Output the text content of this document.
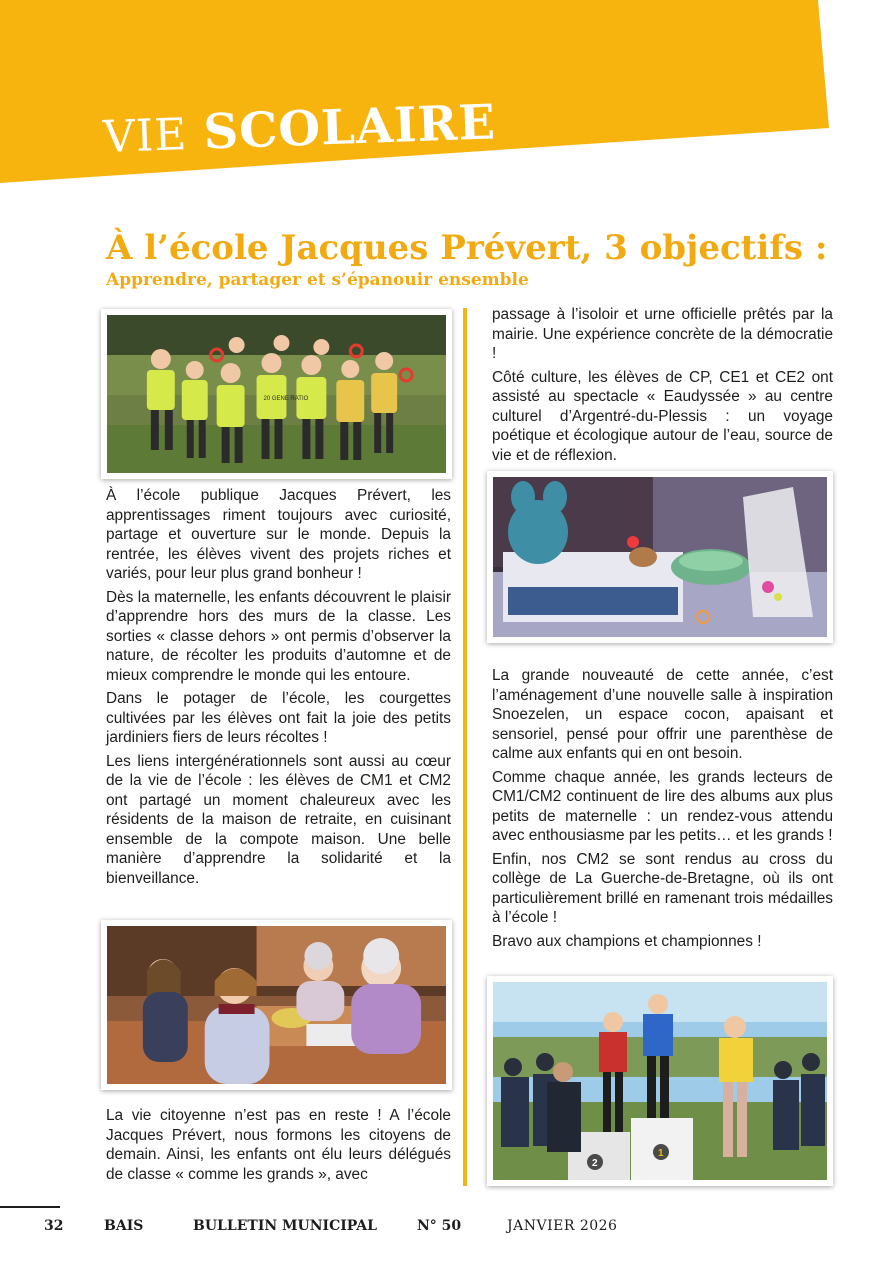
VIE SCOLAIRE
À l’école Jacques Prévert, 3 objectifs :
Apprendre, partager et s’épanouir ensemble
20 GENE RATIO

À l’école publique Jacques Prévert, les apprentissages riment toujours avec curiosité, partage et ouverture sur le monde. Depuis la rentrée, les élèves vivent des projets riches et variés, pour leur plus grand bonheur !

Dès la maternelle, les enfants découvrent le plaisir d’apprendre hors des murs de la classe. Les sorties « classe dehors » ont permis d’observer la nature, de récolter les produits d’automne et de mieux comprendre le monde qui les entoure.

Dans le potager de l’école, les courgettes cultivées par les élèves ont fait la joie des petits jardiniers fiers de leurs récoltes !

Les liens intergénérationnels sont aussi au cœur de la vie de l’école : les élèves de CM1 et CM2 ont partagé un moment chaleureux avec les résidents de la maison de retraite, en cuisinant ensemble de la compote maison. Une belle manière d’apprendre la solidarité et la bienveillance.

La vie citoyenne n’est pas en reste ! A l’école Jacques Prévert, nous formons les citoyens de demain. Ainsi, les enfants ont élu leurs délégués de classe « comme les grands », avec

passage à l’isoloir et urne officielle prêtés par la mairie. Une expérience concrète de la démocratie !

Côté culture, les élèves de CP, CE1 et CE2 ont assisté au spectacle « Eaudyssée » au centre culturel d’Argentré-du-Plessis : un voyage poétique et écologique autour de l’eau, source de vie et de réflexion.

La grande nouveauté de cette année, c’est l’aménagement d’une nouvelle salle à inspiration Snoezelen, un espace cocon, apaisant et sensoriel, pensé pour offrir une parenthèse de calme aux enfants qui en ont besoin.

Comme chaque année, les grands lecteurs de CM1/CM2 continuent de lire des albums aux plus petits de maternelle : un rendez-vous attendu avec enthousiasme par les petits… et les grands !

Enfin, nos CM2 se sont rendus au cross du collège de La Guerche-de-Bretagne, où ils ont particulièrement brillé en ramenant trois médailles à l’école !

Bravo aux champions et championnes !

2
1
32	BAIS	BULLETIN MUNICIPAL	N° 50	JANVIER 2026
